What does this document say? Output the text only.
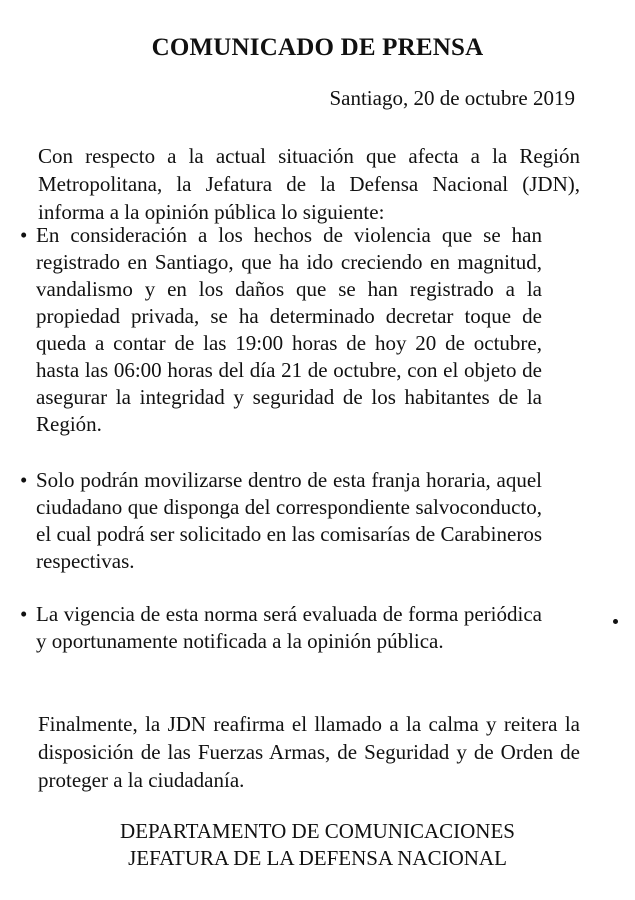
COMUNICADO DE PRENSA
Santiago, 20 de octubre 2019

Con respecto a la actual situación que afecta a la Región Metropolitana, la Jefatura de la Defensa Nacional (JDN), informa a la opinión pública lo siguiente:

• En consideración a los hechos de violencia que se han registrado en Santiago, que ha ido creciendo en magnitud, vandalismo y en los daños que se han registrado a la propiedad privada, se ha determinado decretar toque de queda a contar de las 19:00 horas de hoy 20 de octubre, hasta las 06:00 horas del día 21 de octubre, con el objeto de asegurar la integridad y seguridad de los habitantes de la Región.
• Solo podrán movilizarse dentro de esta franja horaria, aquel ciudadano que disponga del correspondiente salvoconducto, el cual podrá ser solicitado en las comisarías de Carabineros respectivas.
• La vigencia de esta norma será evaluada de forma periódica y oportunamente notificada a la opinión pública.

Finalmente, la JDN reafirma el llamado a la calma y reitera la disposición de las Fuerzas Armas, de Seguridad y de Orden de proteger a la ciudadanía.

DEPARTAMENTO DE COMUNICACIONES
JEFATURA DE LA DEFENSA NACIONAL
